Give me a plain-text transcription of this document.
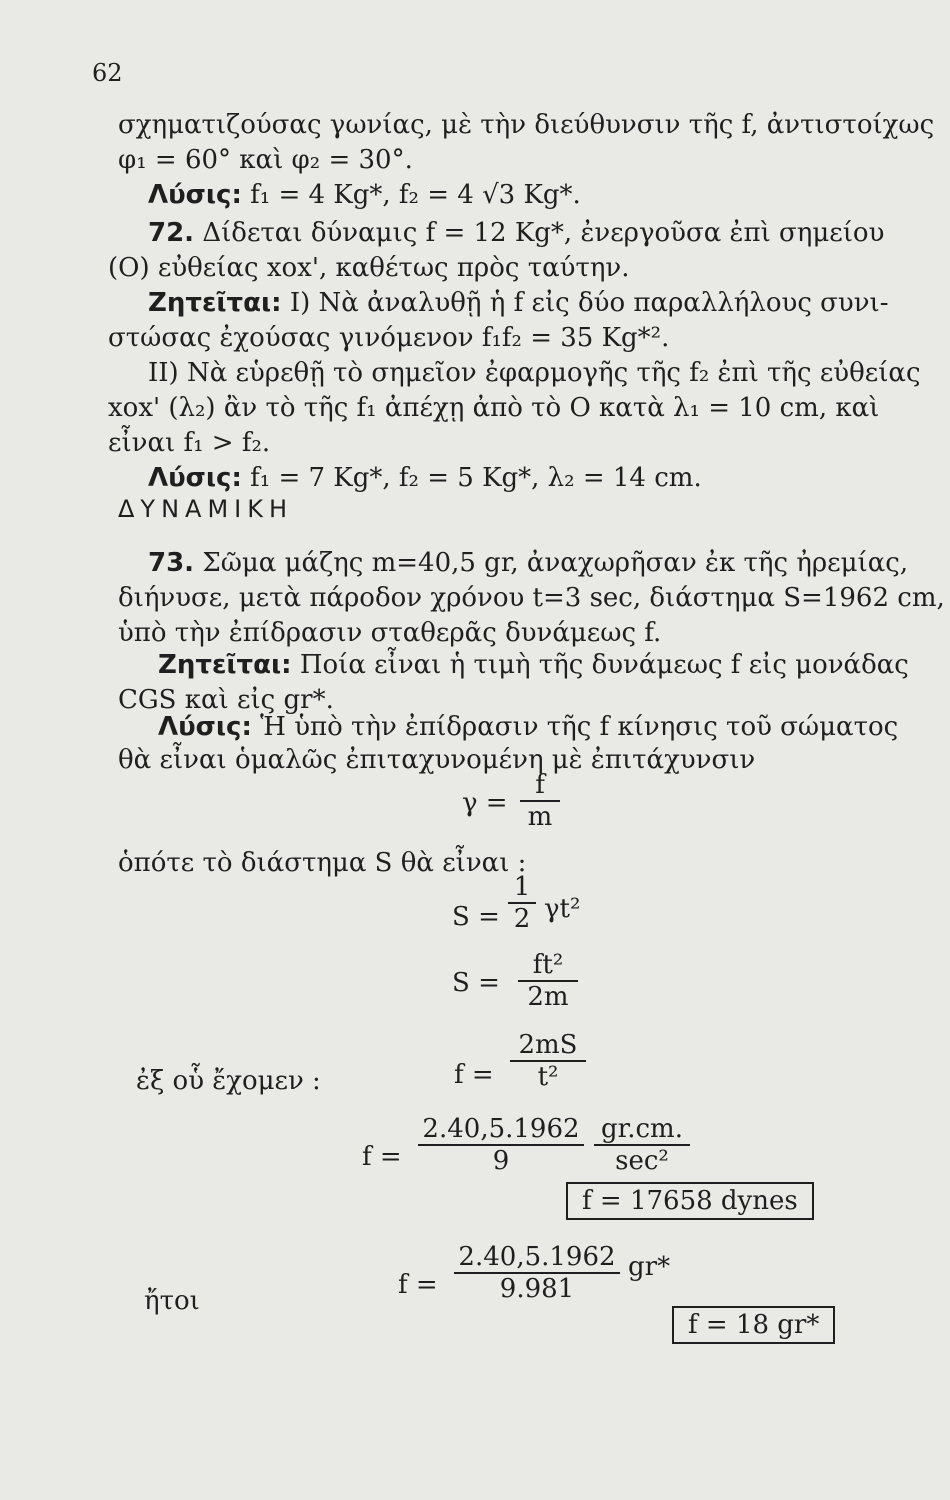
62
σχηματιζούσας γωνίας, μὲ τὴν διεύθυνσιν τῆς f, ἀντιστοίχως
φ₁ = 60° καὶ φ₂ = 30°.
Λύσις: f₁ = 4 Kg*, f₂ = 4 √3 Kg*.
72. Δίδεται δύναμις f = 12 Kg*, ἐνεργοῦσα ἐπὶ σημείου
(Ο) εὐθείας xox', καθέτως πρὸς ταύτην.
Ζητεῖται: I) Νὰ ἀναλυθῇ ἡ f εἰς δύο παραλλήλους συνι-
στώσας ἐχούσας γινόμενον f₁f₂ = 35 Kg*².
II) Νὰ εὑρεθῇ τὸ σημεῖον ἐφαρμογῆς τῆς f₂ ἐπὶ τῆς εὐθείας
xox' (λ₂) ἂν τὸ τῆς f₁ ἀπέχῃ ἀπὸ τὸ Ο κατὰ λ₁ = 10 cm, καὶ
εἶναι f₁ > f₂.
Λύσις: f₁ = 7 Kg*, f₂ = 5 Kg*, λ₂ = 14 cm.
ΔΥΝΑΜΙΚΗ
73. Σῶμα μάζης m=40,5 gr, ἀναχωρῆσαν ἐκ τῆς ἠρεμίας,
διήνυσε, μετὰ πάροδον χρόνου t=3 sec, διάστημα S=1962 cm,
ὑπὸ τὴν ἐπίδρασιν σταθερᾶς δυνάμεως f.
Ζητεῖται: Ποία εἶναι ἡ τιμὴ τῆς δυνάμεως f εἰς μονάδας
CGS καὶ εἰς gr*.
Λύσις: Ἡ ὑπὸ τὴν ἐπίδρασιν τῆς f κίνησις τοῦ σώματος
θὰ εἶναι ὁμαλῶς ἐπιταχυνομένη μὲ ἐπιτάχυνσιν
$\gamma = \frac{f}{m}$
ὁπότε τὸ διάστημα S θὰ εἶναι :
$S = \frac{1}{2} \gamma t^2$
$S = \frac{\text{ft²}}{2m}$
ἐξ οὗ ἔχομεν :	$f = \frac{2mS}{\text{t²}}$
$f = \frac{2.40,5.1962}{9} gr.cm$.
sec²
f = 17658 dynes
ἤτοι
$f = \frac{2.40,5.1962}{9.981} gr*$
f = 18 gr*
